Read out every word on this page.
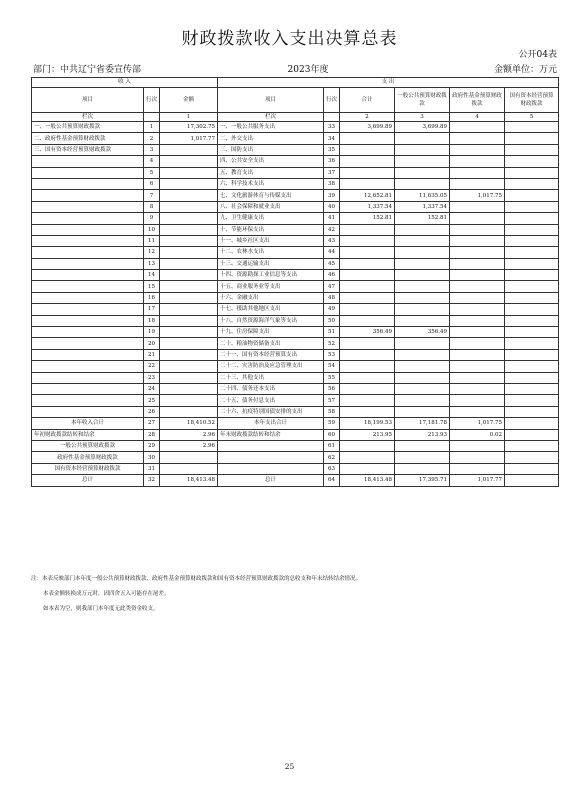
财政拨款收入支出决算总表
公开04表
部门：中共辽宁省委宣传部	2023年度	金额单位：万元
收 入			支 出					
项目	行次	金额	项目	行次	合计	一般公共预算财政拨款	政府性基金预算财政拨款	国有资本经营预算财政拨款
栏次		1	栏次		2	3	4	5
一、一般公共预算财政拨款	1	17,302.75	一、一般公共服务支出	33	3,699.89	3,699.89		
二、政府性基金预算财政拨款	2	1,017.77	二、外交支出	34				
三、国有资本经营预算财政拨款	3		三、国防支出	35				
	4		四、公共安全支出	36				
	5		五、教育支出	37				
	6		六、科学技术支出	38				
	7		七、文化旅游体育与传媒支出	39	12,652.81	11,635.05	1,017.75	
	8		八、社会保障和就业支出	40	1,337.54	1,337.54		
	9		九、卫生健康支出	41	152.81	152.81		
	10		十、节能环保支出	42				
	11		十一、城乡社区支出	43				
	12		十二、农林水支出	44				
	13		十三、交通运输支出	45				
	14		十四、资源勘探工业信息等支出	46				
	15		十五、商业服务业等支出	47				
	16		十六、金融支出	48				
	17		十七、援助其他地区支出	49				
	18		十八、自然资源海洋气象等支出	50				
	19		十九、住房保障支出	51	356.49	356.49		
	20		二十、粮油物资储备支出	52				
	21		二十一、国有资本经营预算支出	53				
	22		二十二、灾害防治及应急管理支出	54				
	23		二十三、其他支出	55				
	24		二十四、债务还本支出	56				
	25		二十五、债务付息支出	57				
	26		二十六、抗疫特别国债安排的支出	58				
本年收入合计	27	18,410.52	本年支出合计	59	18,199.53	17,181.78	1,017.75	
年初财政拨款结转和结余	28	2.96	年末财政拨款结转和结余	60	213.95	213.93	0.02	
一般公共预算财政拨款	29	2.96		61				
政府性基金预算财政拨款	30			62				
国有资本经营预算财政拨款	31			63				
总计	32	18,413.48	总计	64	18,413.48	17,395.71	1,017.77	
注：本表反映部门本年度一般公共预算财政拨款、政府性基金预算财政拨款和国有资本经营预算财政拨款的总收支和年末结转结余情况。
本表金额转换成万元时，因四舍五入可能存在尾差。
如本表为空，则我部门本年度无此类资金收支。
25
